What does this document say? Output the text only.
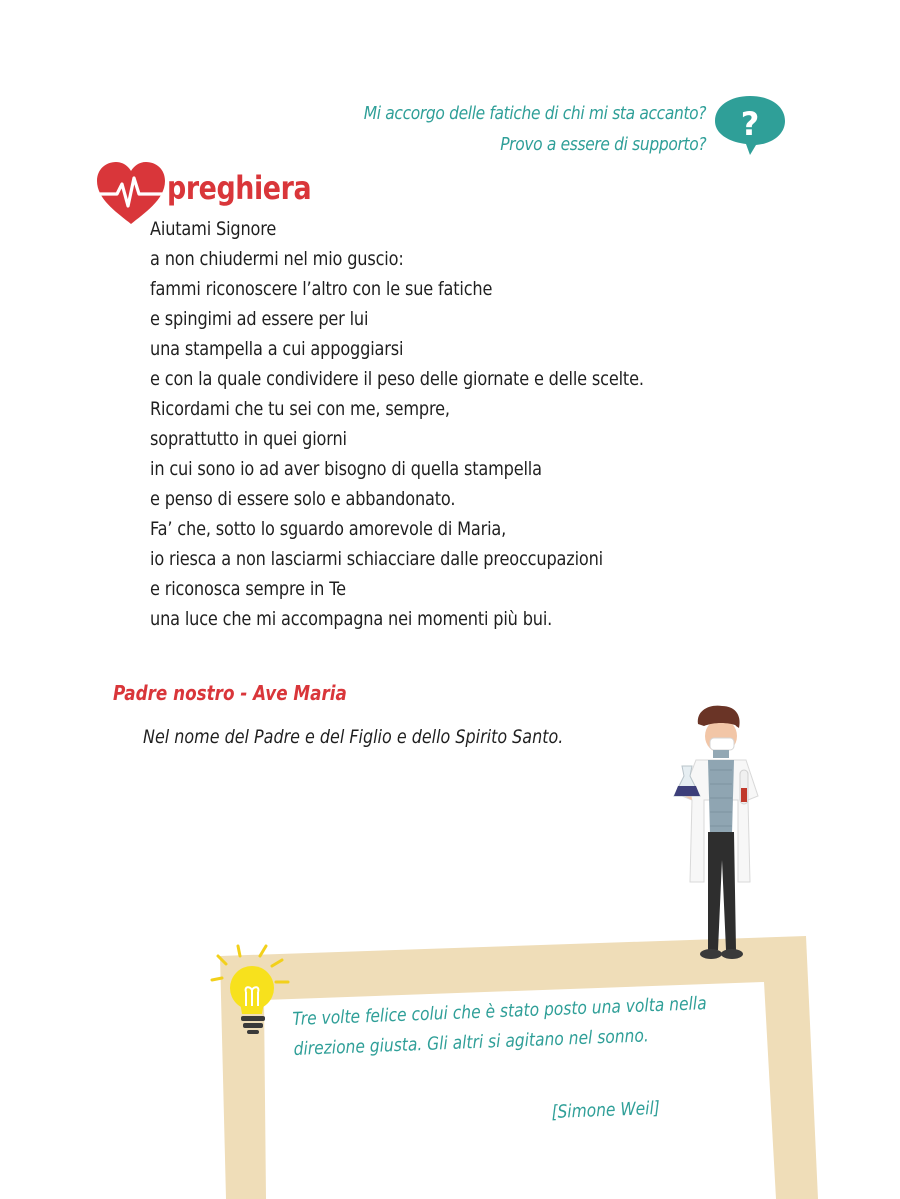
Mi accorgo delle fatiche di chi mi sta accanto?
Provo a essere di supporto?
?
preghiera
Aiutami Signore
a non chiudermi nel mio guscio:
fammi riconoscere l’altro con le sue fatiche
e spingimi ad essere per lui
una stampella a cui appoggiarsi
e con la quale condividere il peso delle giornate e delle scelte.
Ricordami che tu sei con me, sempre,
soprattutto in quei giorni
in cui sono io ad aver bisogno di quella stampella
e penso di essere solo e abbandonato.
Fa’ che, sotto lo sguardo amorevole di Maria,
io riesca a non lasciarmi schiacciare dalle preoccupazioni
e riconosca sempre in Te
una luce che mi accompagna nei momenti più bui.
Padre nostro - Ave Maria
Nel nome del Padre e del Figlio e dello Spirito Santo.
Tre volte felice colui che è stato posto una volta nella
direzione giusta. Gli altri si agitano nel sonno.
[Simone Weil]
